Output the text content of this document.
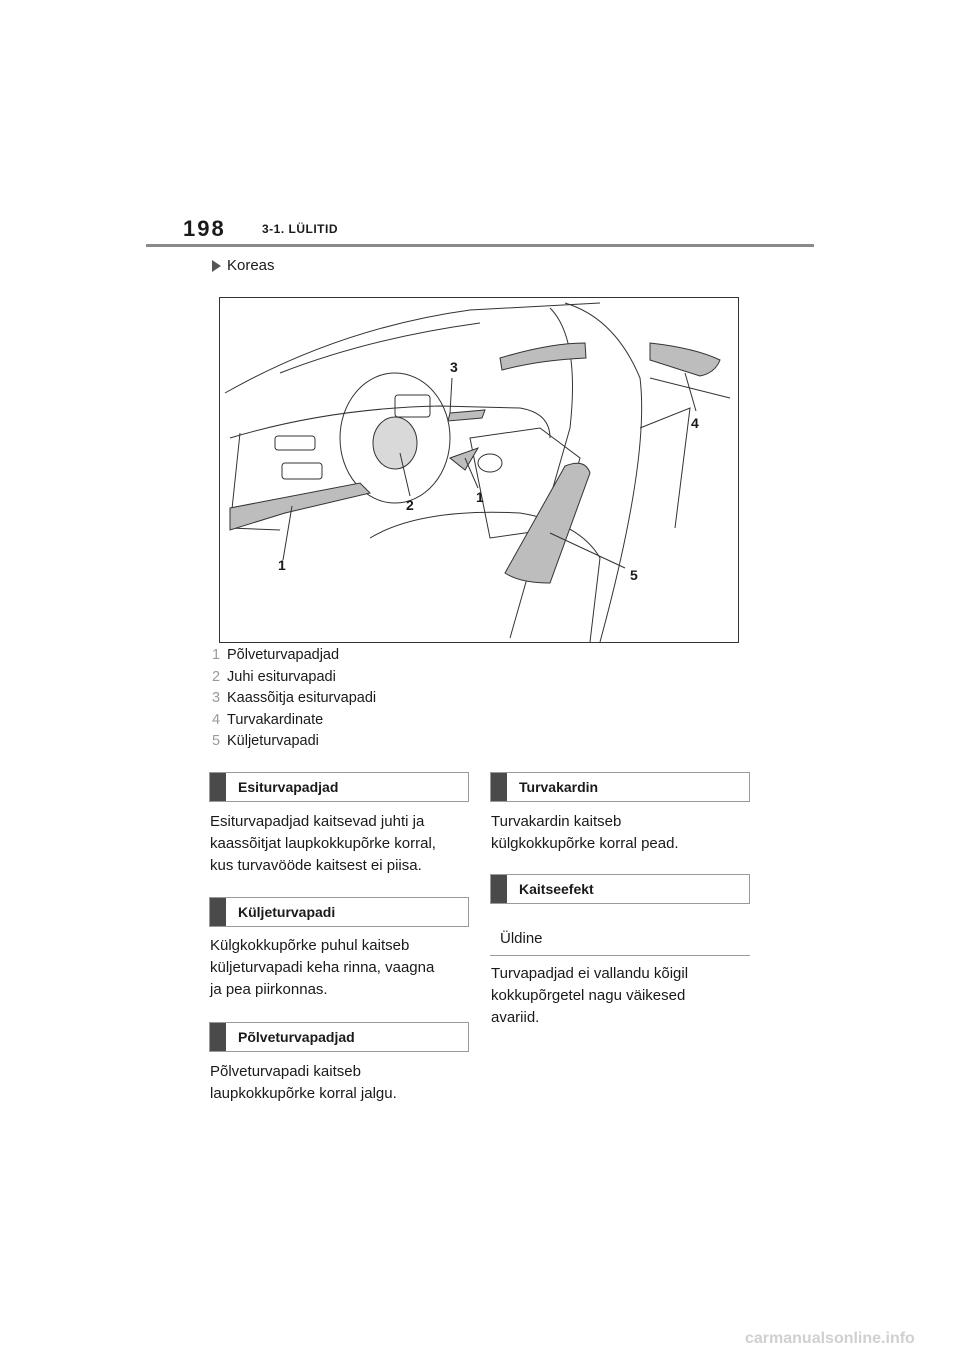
198	3-1. LÜLITID
Koreas
1
2	1
3
4
5
1 Põlveturvapadjad
2 Juhi esiturvapadi
3 Kaassõitja esiturvapadi
4 Turvakardinate
5 Küljeturvapadi
Esiturvapadjad
Esiturvapadjad kaitsevad juhti ja
kaassõitjat laupkokkupõrke korral,
kus turvavööde kaitsest ei piisa.
Küljeturvapadi
Külgkokkupõrke puhul kaitseb
küljeturvapadi keha rinna, vaagna
ja pea piirkonnas.
Põlveturvapadjad
Põlveturvapadi kaitseb
laupkokkupõrke korral jalgu.
Turvakardin
Turvakardin kaitseb
külgkokkupõrke korral pead.
Kaitseefekt
Üldine
Turvapadjad ei vallandu kõigil
kokkupõrgetel nagu väikesed
avariid.
carmanualsonline.info
